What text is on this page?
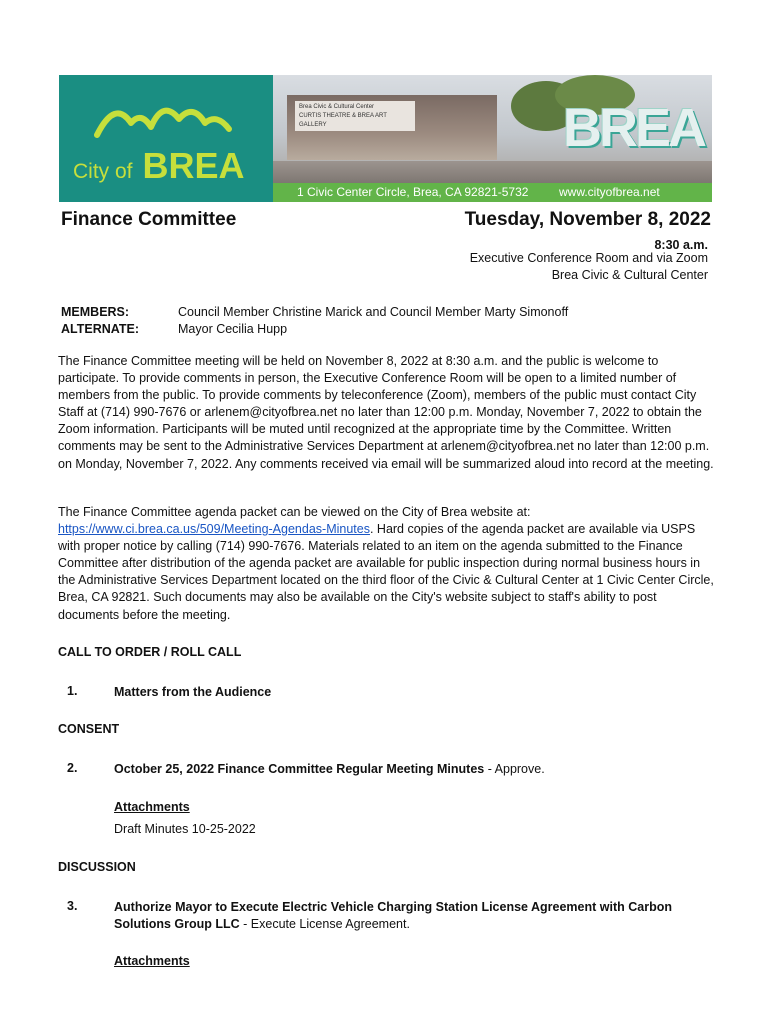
City of BREA
Brea Civic & Cultural Center
CURTIS THEATRE & BREA ART GALLERY	BREA
1 Civic Center Circle, Brea, CA 92821-5732	www.cityofbrea.net
Finance Committee	Tuesday, November 8, 2022
8:30 a.m.
Executive Conference Room and via Zoom
Brea Civic & Cultural Center
MEMBERS:	Council Member Christine Marick and Council Member Marty Simonoff
ALTERNATE:	Mayor Cecilia Hupp

The Finance Committee meeting will be held on November 8, 2022 at 8:30 a.m. and the public is welcome to participate. To provide comments in person, the Executive Conference Room will be open to a limited number of members from the public. To provide comments by teleconference (Zoom), members of the public must contact City Staff at (714) 990-7676 or arlenem@cityofbrea.net no later than 12:00 p.m. Monday, November 7, 2022 to obtain the Zoom information. Participants will be muted until recognized at the appropriate time by the Committee. Written comments may be sent to the Administrative Services Department at arlenem@cityofbrea.net no later than 12:00 p.m. on Monday, November 7, 2022. Any comments received via email will be summarized aloud into record at the meeting.

The Finance Committee agenda packet can be viewed on the City of Brea website at:
https://www.ci.brea.ca.us/509/Meeting-Agendas-Minutes. Hard copies of the agenda packet are available via USPS with proper notice by calling (714) 990-7676. Materials related to an item on the agenda submitted to the Finance Committee after distribution of the agenda packet are available for public inspection during normal business hours in the Administrative Services Department located on the third floor of the Civic & Cultural Center at 1 Civic Center Circle, Brea, CA 92821. Such documents may also be available on the City's website subject to staff's ability to post documents before the meeting.

CALL TO ORDER / ROLL CALL
1.	Matters from the Audience
CONSENT
2.	October 25, 2022 Finance Committee Regular Meeting Minutes - Approve.
Attachments
Draft Minutes 10-25-2022
DISCUSSION
3.	Authorize Mayor to Execute Electric Vehicle Charging Station License Agreement with Carbon Solutions Group LLC - Execute License Agreement.
Attachments
